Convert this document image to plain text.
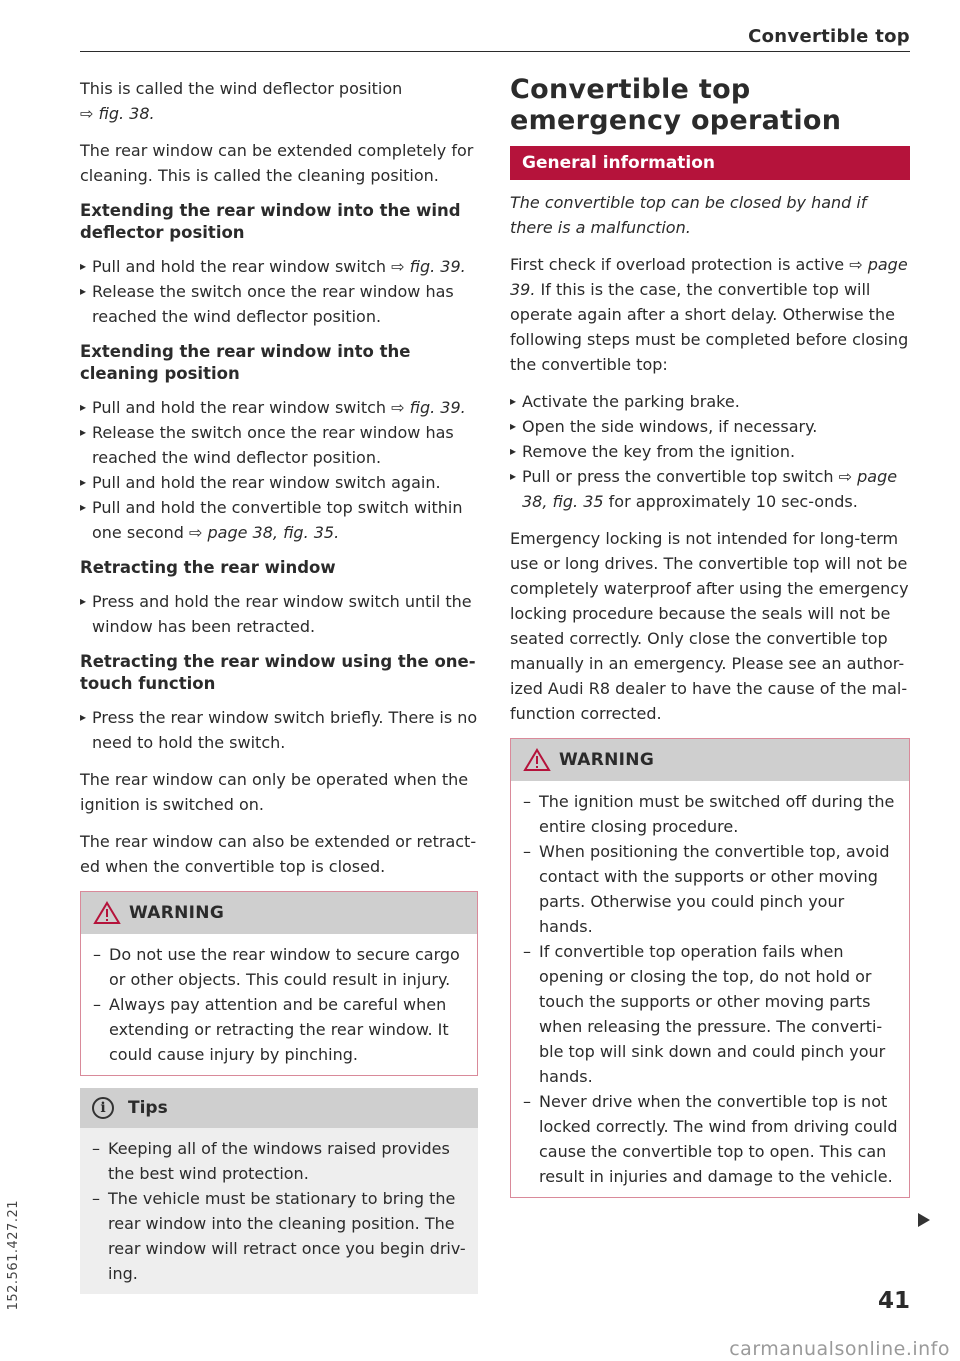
Convertible top

This is called the wind deflector position
⇨ fig. 38.

The rear window can be extended completely for cleaning. This is called the cleaning position.

Extending the rear window into the wind deflector position
▸ Pull and hold the rear window switch ⇨ fig. 39.
▸ Release the switch once the rear window has reached the wind deflector position.
Extending the rear window into the cleaning position
▸ Pull and hold the rear window switch ⇨ fig. 39.
▸ Release the switch once the rear window has reached the wind deflector position.
▸ Pull and hold the rear window switch again.
▸ Pull and hold the convertible top switch within one second ⇨ page 38, fig. 35.
Retracting the rear window
▸ Press and hold the rear window switch until the window has been retracted.
Retracting the rear window using the one-touch function
▸ Press the rear window switch briefly. There is no need to hold the switch.

The rear window can only be operated when the ignition is switched on.

The rear window can also be extended or retract-ed when the convertible top is closed.

WARNING
– Do not use the rear window to secure cargo or other objects. This could result in injury.
– Always pay attention and be careful when extending or retracting the rear window. It could cause injury by pinching.
i	Tips
– Keeping all of the windows raised provides the best wind protection.
– The vehicle must be stationary to bring the rear window into the cleaning position. The rear window will retract once you begin driv-ing.
Convertible top emergency operation
General information

The convertible top can be closed by hand if there is a malfunction.

First check if overload protection is active ⇨ page 39. If this is the case, the convertible top will operate again after a short delay. Otherwise the following steps must be completed before closing the convertible top:

▸ Activate the parking brake.
▸ Open the side windows, if necessary.
▸ Remove the key from the ignition.
▸ Pull or press the convertible top switch ⇨ page 38, fig. 35 for approximately 10 sec-onds.

Emergency locking is not intended for long-term use or long drives. The convertible top will not be completely waterproof after using the emergency locking procedure because the seals will not be seated correctly. Only close the convertible top manually in an emergency. Please see an author-ized Audi R8 dealer to have the cause of the mal-function corrected.

WARNING
– The ignition must be switched off during the entire closing procedure.
– When positioning the convertible top, avoid contact with the supports or other moving parts. Otherwise you could pinch your hands.
– If convertible top operation fails when opening or closing the top, do not hold or touch the supports or other moving parts when releasing the pressure. The converti-ble top will sink down and could pinch your hands.
– Never drive when the convertible top is not locked correctly. The wind from driving could cause the convertible top to open. This can result in injuries and damage to the vehicle.
41
152.561.427.21
carmanualsonline.info
